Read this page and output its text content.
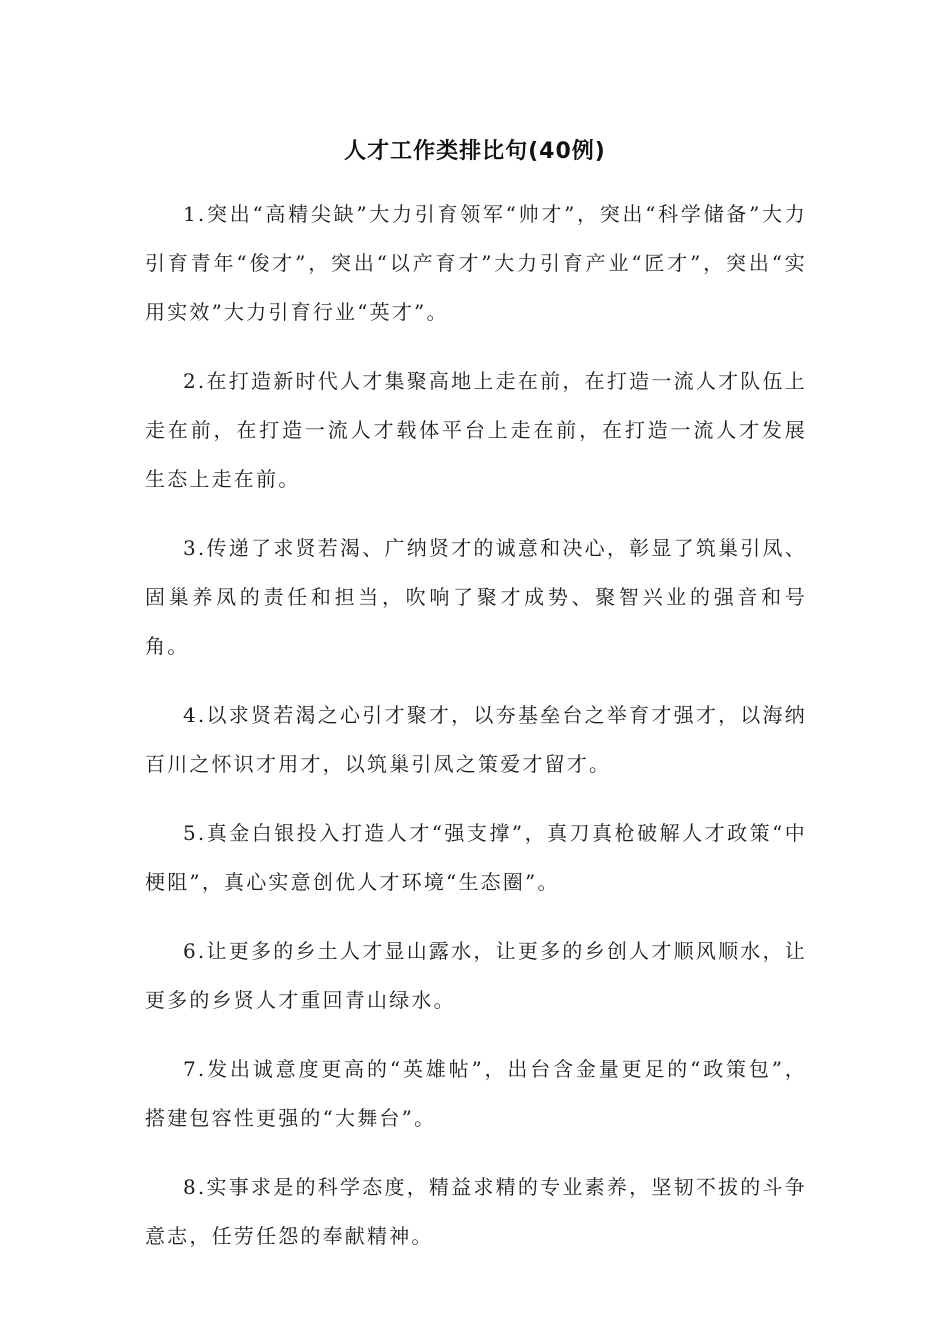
人才工作类排比句(40例)

1.突出“高精尖缺”大力引育领军“帅才”，突出“科学储备”大力引育青年“俊才”，突出“以产育才”大力引育产业“匠才”，突出“实用实效”大力引育行业“英才”。

2.在打造新时代人才集聚高地上走在前，在打造一流人才队伍上走在前，在打造一流人才载体平台上走在前，在打造一流人才发展生态上走在前。

3.传递了求贤若渴、广纳贤才的诚意和决心，彰显了筑巢引凤、固巢养凤的责任和担当，吹响了聚才成势、聚智兴业的强音和号角。

4.以求贤若渴之心引才聚才，以夯基垒台之举育才强才，以海纳百川之怀识才用才，以筑巢引凤之策爱才留才。

5.真金白银投入打造人才“强支撑”，真刀真枪破解人才政策“中梗阻”，真心实意创优人才环境“生态圈”。

6.让更多的乡土人才显山露水，让更多的乡创人才顺风顺水，让更多的乡贤人才重回青山绿水。

7.发出诚意度更高的“英雄帖”，出台含金量更足的“政策包”，搭建包容性更强的“大舞台”。

8.实事求是的科学态度，精益求精的专业素养，坚韧不拔的斗争意志，任劳任怨的奉献精神。
